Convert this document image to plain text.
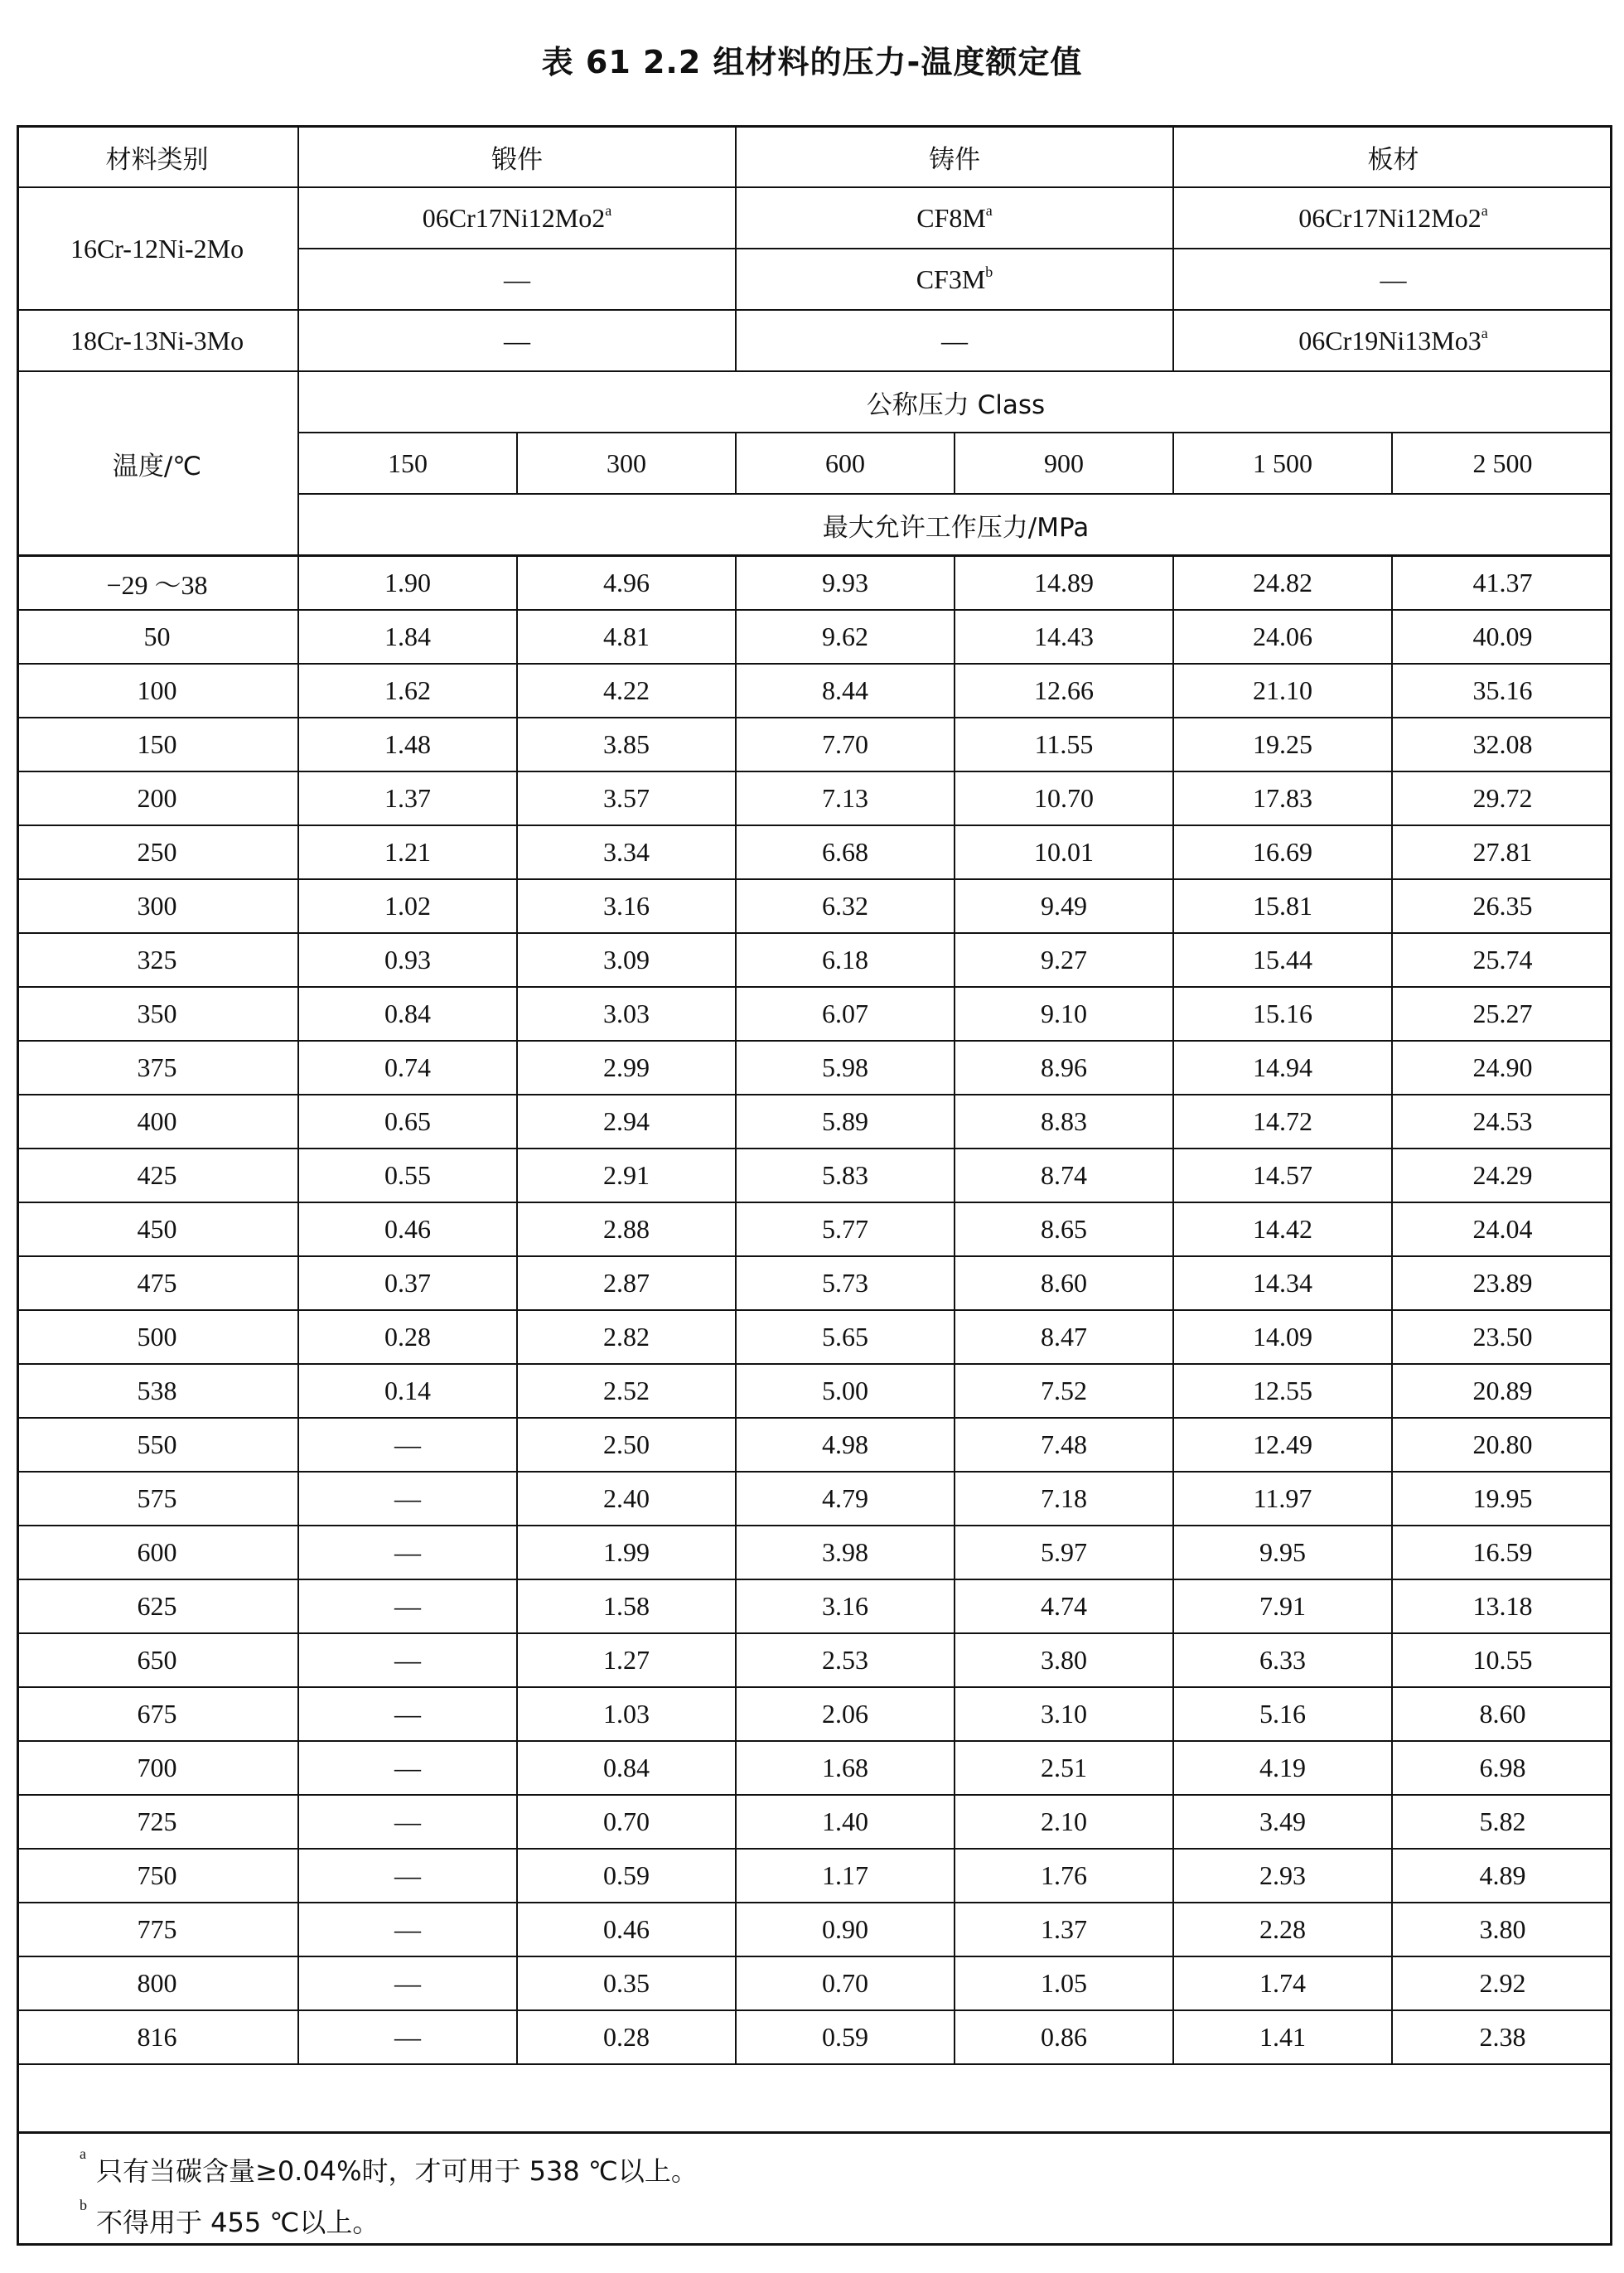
表 61 2.2 组材料的压力-温度额定值
材料类别	锻件		铸件		板材	
16Cr-12Ni-2Mo	06Cr17Ni12Mo2$^a$		$CF8M^a$		06Cr17Ni12Mo2$^a$
	—		$CF3M^b$		—	
18Cr-13Ni-3Mo	—		—		06Cr19Ni13Mo3$^a$
温度/℃	公称压力 Class					
	150	300	600	900	1 500	2 500
	最大允许工作压力/MPa					
−29 ～38	1.90	4.96	9.93	14.89	24.82	41.37
50	1.84	4.81	9.62	14.43	24.06	40.09
100	1.62	4.22	8.44	12.66	21.10	35.16
150	1.48	3.85	7.70	11.55	19.25	32.08
200	1.37	3.57	7.13	10.70	17.83	29.72
250	1.21	3.34	6.68	10.01	16.69	27.81
300	1.02	3.16	6.32	9.49	15.81	26.35
325	0.93	3.09	6.18	9.27	15.44	25.74
350	0.84	3.03	6.07	9.10	15.16	25.27
375	0.74	2.99	5.98	8.96	14.94	24.90
400	0.65	2.94	5.89	8.83	14.72	24.53
425	0.55	2.91	5.83	8.74	14.57	24.29
450	0.46	2.88	5.77	8.65	14.42	24.04
475	0.37	2.87	5.73	8.60	14.34	23.89
500	0.28	2.82	5.65	8.47	14.09	23.50
538	0.14	2.52	5.00	7.52	12.55	20.89
550	—	2.50	4.98	7.48	12.49	20.80
575	—	2.40	4.79	7.18	11.97	19.95
600	—	1.99	3.98	5.97	9.95	16.59
625	—	1.58	3.16	4.74	7.91	13.18
650	—	1.27	2.53	3.80	6.33	10.55
675	—	1.03	2.06	3.10	5.16	8.60
700	—	0.84	1.68	2.51	4.19	6.98
725	—	0.70	1.40	2.10	3.49	5.82
750	—	0.59	1.17	1.76	2.93	4.89
775	—	0.46	0.90	1.37	2.28	3.80
800	—	0.35	0.70	1.05	1.74	2.92
816	—	0.28	0.59	0.86	1.41	2.38
a
只有当碳含量≥0.04%时，才可用于 538 ℃以上。
b
不得用于 455 ℃以上。
